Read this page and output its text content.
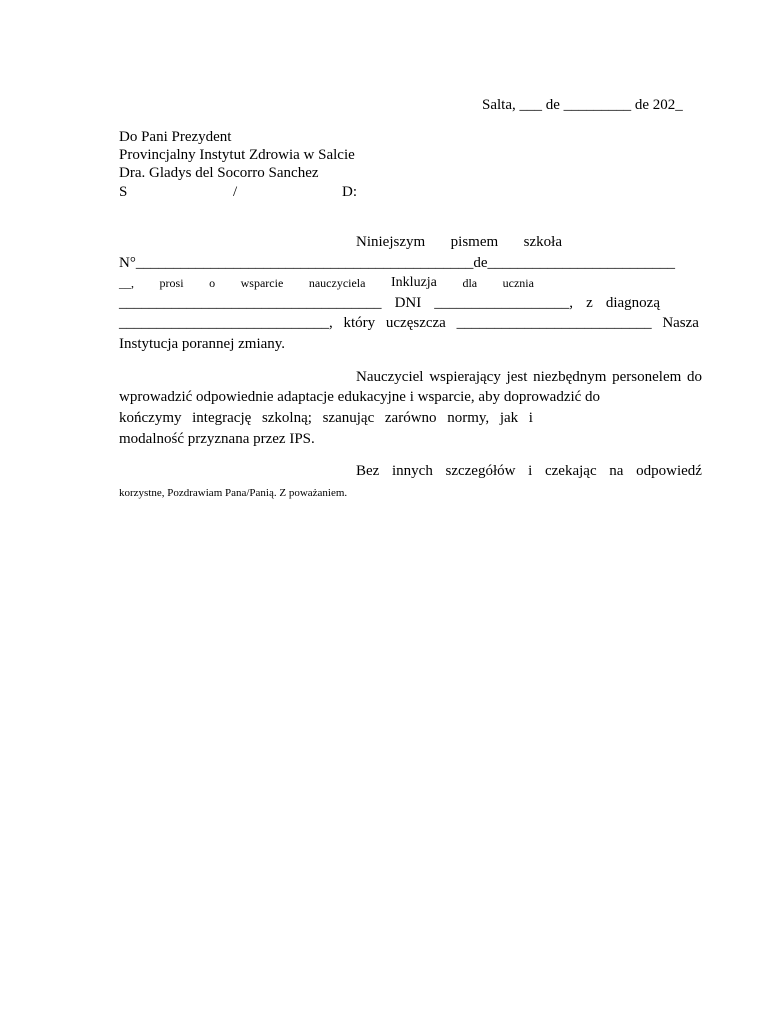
Salta, ___ de _________ de 202_
Do Pani Prezydent
Provincjalny Instytut Zdrowia w Salcie
Dra. Gladys del Socorro Sanchez
S	/	D:
Niniejszym pismem szkoła
N°_____________________________________________de_________________________
__, prosi o wsparcie nauczyciela Inkluzja dla ucznia
___________________________________ DNI __________________, z diagnozą
____________________________, który uczęszcza __________________________ Nasza
Instytucja porannej zmiany.
Nauczyciel wspierający jest niezbędnym personelem do
wprowadzić odpowiednie adaptacje edukacyjne i wsparcie, aby doprowadzić do
kończymy integrację szkolną; szanując zarówno normy, jak i
modalność przyznana przez IPS.
Bez innych szczegółów i czekając na odpowiedź
korzystne, Pozdrawiam Pana/Panią. Z poważaniem.
